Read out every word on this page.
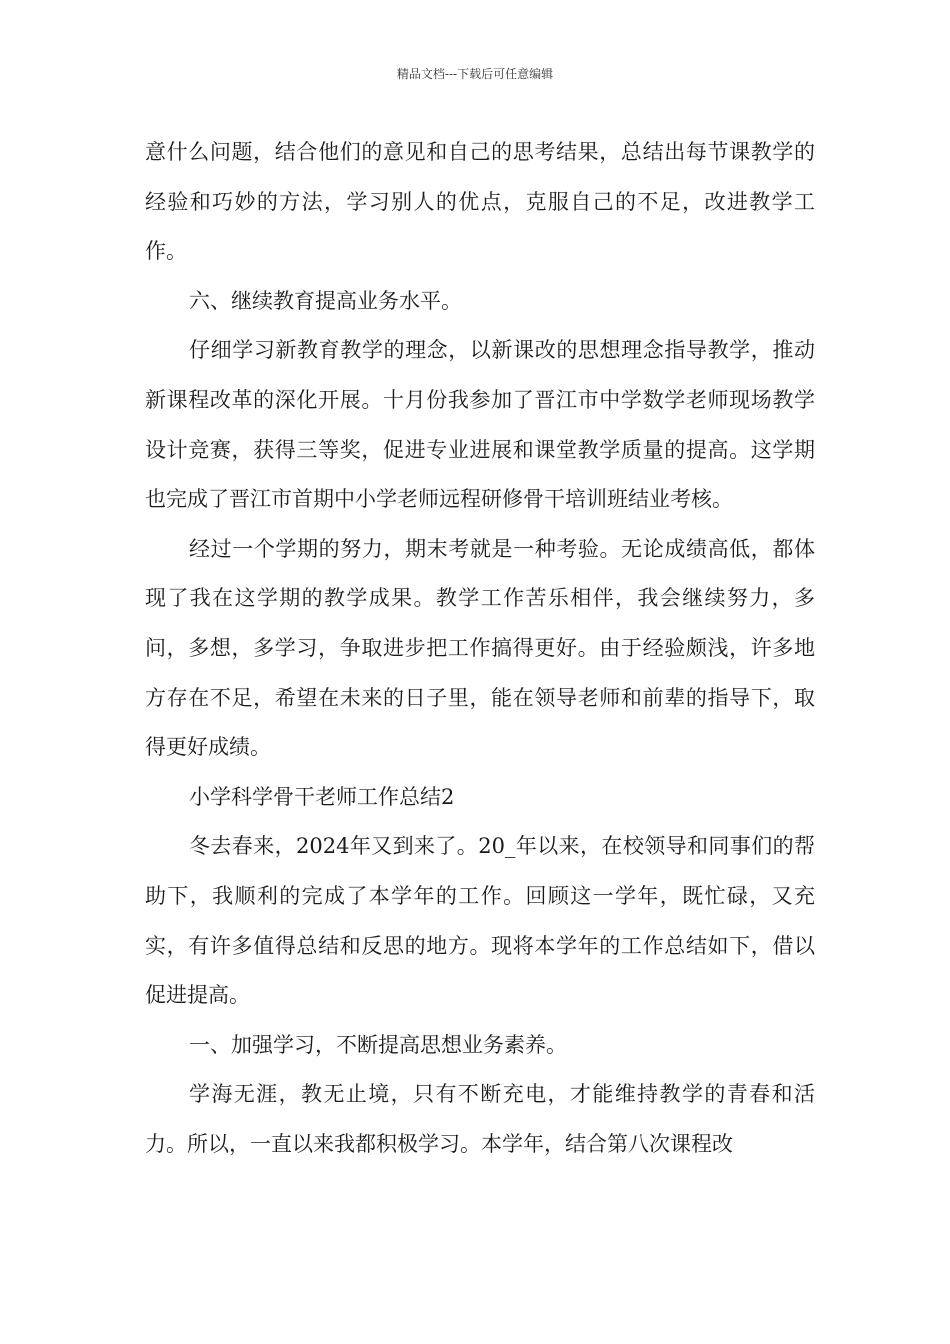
精品文档---下载后可任意编辑

意什么问题，结合他们的意见和自己的思考结果，总结出每节课教学的经验和巧妙的方法，学习别人的优点，克服自己的不足，改进教学工作。

六、继续教育提高业务水平。

仔细学习新教育教学的理念，以新课改的思想理念指导教学，推动新课程改革的深化开展。十月份我参加了晋江市中学数学老师现场教学设计竞赛，获得三等奖，促进专业进展和课堂教学质量的提高。这学期也完成了晋江市首期中小学老师远程研修骨干培训班结业考核。

经过一个学期的努力，期末考就是一种考验。无论成绩高低，都体现了我在这学期的教学成果。教学工作苦乐相伴，我会继续努力，多问，多想，多学习，争取进步把工作搞得更好。由于经验颇浅，许多地方存在不足，希望在未来的日子里，能在领导老师和前辈的指导下，取得更好成绩。

小学科学骨干老师工作总结2

冬去春来，2024年又到来了。20_年以来，在校领导和同事们的帮助下，我顺利的完成了本学年的工作。回顾这一学年，既忙碌，又充实，有许多值得总结和反思的地方。现将本学年的工作总结如下，借以促进提高。

一、加强学习，不断提高思想业务素养。

学海无涯，教无止境，只有不断充电，才能维持教学的青春和活力。所以，一直以来我都积极学习。本学年，结合第八次课程改
